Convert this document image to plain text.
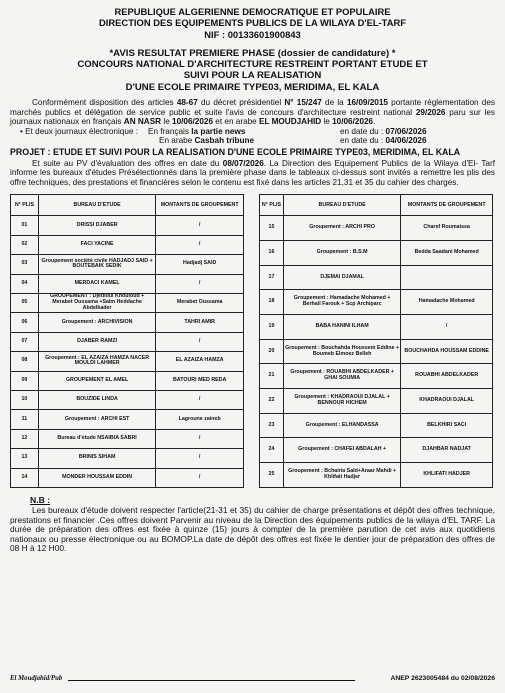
REPUBLIQUE ALGERIENNE DEMOCRATIQUE ET POPULAIRE
DIRECTION DES EQUIPEMENTS PUBLICS DE LA WILAYA D'EL-TARF
NIF : 00133601900843
*AVIS RESULTAT PREMIERE PHASE (dossier de candidature) *
CONCOURS NATIONAL D'ARCHITECTURE RESTREINT PORTANT ETUDE ET
SUIVI POUR LA REALISATION
D'UNE ECOLE PRIMAIRE TYPE03, MERIDIMA, EL KALA
Conformément disposition des articles 48-67 du décret présidentiel N° 15/247 de la 16/09/2015 portante réglementation des marchés publics et délégation de service public et suite l'avis de concours d'architecture restreint national 29/2026 paru sur les journaux nationaux en français AN NASR le 10/06/2026 et en arabe EL MOUDJAHID le 10/06/2026.
• Et deux journaux électronique :	En français la partie news	en date du : 07/06/2026
En arabe Casbah tribune	en date du : 04/06/2026
PROJET : ETUDE ET SUIVI POUR LA REALISATION D'UNE ECOLE PRIMAIRE TYPE03, MERIDIMA, EL KALA
Et suite au PV d'évaluation des offres en date du 08/07/2026. La Direction des Equipement Publics de la Wilaya d'El- Tarf informe les bureaux d'études Présélectionnés dans la première phase dans le tableaux ci-dessus sont invités a remettre les plis des offre techniques, des prestations et financières selon le contenu est fixé dans les articles 21,31 et 35 du cahier des charges.
N° PLIS	BUREAU D'ETUDE	MONTANTS DE GROUPEMENT
01	DRISSI DJABER	/
02	FACI YACINE	/
03	Groupement société civile HADJADJ SAID + BOUTEBAIK SEDIK	Hadjadj SAID
04	MERDACI KAMEL	/
05	GROUPEMENT : Djedioui Khouloud + Merabet Oussama +Salm Heddache Abdelkader	Merabet Oussama
06	Groupement : ARCHIVISION	TAHRI AMIR
07	DJABER RAMZI	/
08	Groupement : EL AZAIZA HAMZA NACER MOULDI LAHMER	EL AZAIZA HAMZA
09	GROUPEMENT EL AMEL	BATOURI MED REDA
10	BOUZIDE LINDA	/
11	Groupement : ARCHI EST	Lagroune zaineb
12	Bureau d'etude NSAIBIA SABRI	/
13	BRINIS SIHAM	/
14	MONDER HOUSSAM EDDIN	/
N° PLIS	BUREAU D'ETUDE	MONTANTS DE GROUPEMENT
15	Groupement : ARCHI PRO	Charef Roumaissa
16	Groupement : B.S.M	Bedda Saadani Mohamed
17	DJEMAI DJAMAL	
18	Groupement : Hamadache Mohamed + Berhail Farouk + Scp Archiparc	Hamadache Mohamed
19	BABA HANINI ILHAM	/
20	Groupement : Bouchahda Houssem Eddine + Boumeb Elmoez Belleh	BOUCHAHDA HOUSSAM EDDINE
21	Groupement : ROUABHI ABDELKADER + GHAI SOUMIA	ROUABHI ABDELKADER
22	Groupement : KHADRAOUI DJALAL + BENNOUR HICHEM	KHADRAOUI DJALAL
23	Groupement : ELHANDASSA	BELKHIRI SACI
24	Groupement : CHAFEI ABDALAH +	DJAHBAR NADJAT
25	Groupement : Bchairia Saïd+Araar Mahdi + Khlifati Hadjer	KHLIFATI HADJER
N.B :
Les bureaux d'étude doivent respecter l'article(21-31 et 35) du cahier de charge présentations et dépôt des offres technique, prestations et financier .Ces offres doivent Parvenir au niveau de la Direction des équipements publics de la wilaya d'EL TARF. La durée de préparation des offres est fixée à quinze (15) jours à compter de la première parution de cet avis aux quotidiens nationaux ou presse électronique ou au BOMOP.La date de dépôt des offres est fixée le dentier jour de préparation des offres de 08 H à 12 H00.
El Moudjahid/Pub	ANEP 2623005484 du 02/08/2026
